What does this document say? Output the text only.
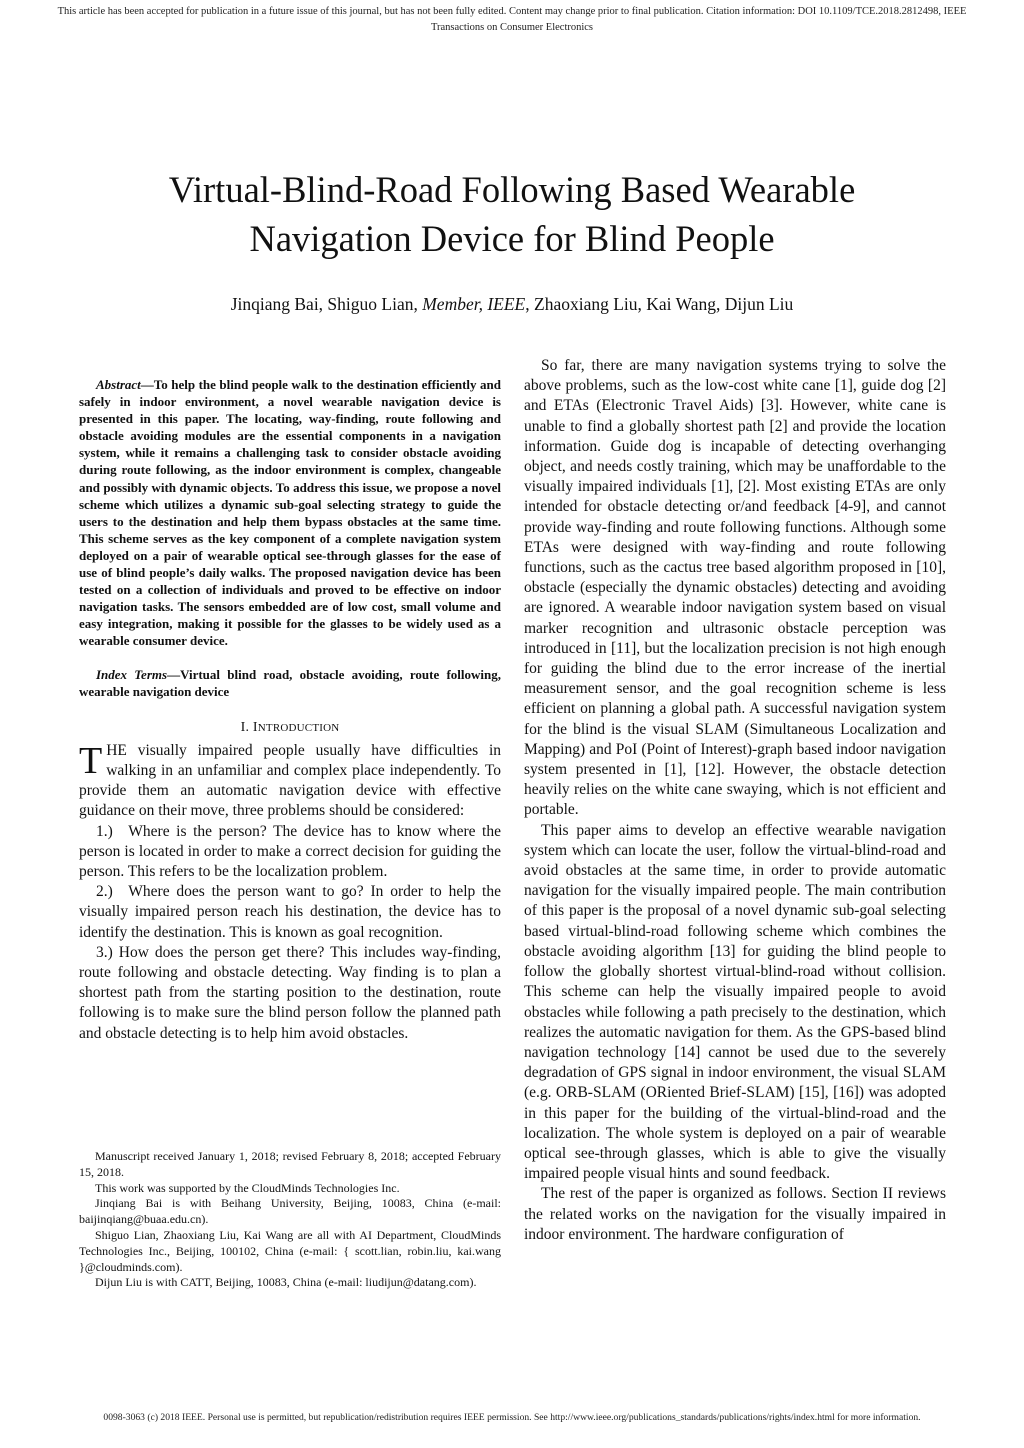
This article has been accepted for publication in a future issue of this journal, but has not been fully edited. Content may change prior to final publication. Citation information: DOI 10.1109/TCE.2018.2812498, IEEE
Transactions on Consumer Electronics
Virtual-Blind-Road Following Based Wearable
Navigation Device for Blind People
Jinqiang Bai, Shiguo Lian, Member, IEEE, Zhaoxiang Liu, Kai Wang, Dijun Liu

Abstract—To help the blind people walk to the destination efficiently and safely in indoor environment, a novel wearable navigation device is presented in this paper. The locating, way-finding, route following and obstacle avoiding modules are the essential components in a navigation system, while it remains a challenging task to consider obstacle avoiding during route following, as the indoor environment is complex, changeable and possibly with dynamic objects. To address this issue, we propose a novel scheme which utilizes a dynamic sub-goal selecting strategy to guide the users to the destination and help them bypass obstacles at the same time. This scheme serves as the key component of a complete navigation system deployed on a pair of wearable optical see-through glasses for the ease of use of blind people’s daily walks. The proposed navigation device has been tested on a collection of individuals and proved to be effective on indoor navigation tasks. The sensors embedded are of low cost, small volume and easy integration, making it possible for the glasses to be widely used as a wearable consumer device.

Index Terms—Virtual blind road, obstacle avoiding, route following, wearable navigation device

I. INTRODUCTION

THE visually impaired people usually have difficulties in walking in an unfamiliar and complex place independently. To provide them an automatic navigation device with effective guidance on their move, three problems should be considered:

1.) Where is the person? The device has to know where the person is located in order to make a correct decision for guiding the person. This refers to be the localization problem.

2.) Where does the person want to go? In order to help the visually impaired person reach his destination, the device has to identify the destination. This is known as goal recognition.

3.) How does the person get there? This includes way-finding, route following and obstacle detecting. Way finding is to plan a shortest path from the starting position to the destination, route following is to make sure the blind person follow the planned path and obstacle detecting is to help him avoid obstacles.

Manuscript received January 1, 2018; revised February 8, 2018; accepted February 15, 2018.

This work was supported by the CloudMinds Technologies Inc.

Jinqiang Bai is with Beihang University, Beijing, 10083, China (e-mail: baijinqiang@buaa.edu.cn).

Shiguo Lian, Zhaoxiang Liu, Kai Wang are all with AI Department, CloudMinds Technologies Inc., Beijing, 100102, China (e-mail: { scott.lian, robin.liu, kai.wang }@cloudminds.com).

Dijun Liu is with CATT, Beijing, 10083, China (e-mail: liudijun@datang.com).

So far, there are many navigation systems trying to solve the above problems, such as the low-cost white cane [1], guide dog [2] and ETAs (Electronic Travel Aids) [3]. However, white cane is unable to find a globally shortest path [2] and provide the location information. Guide dog is incapable of detecting overhanging object, and needs costly training, which may be unaffordable to the visually impaired individuals [1], [2]. Most existing ETAs are only intended for obstacle detecting or/and feedback [4-9], and cannot provide way-finding and route following functions. Although some ETAs were designed with way-finding and route following functions, such as the cactus tree based algorithm proposed in [10], obstacle (especially the dynamic obstacles) detecting and avoiding are ignored. A wearable indoor navigation system based on visual marker recognition and ultrasonic obstacle perception was introduced in [11], but the localization precision is not high enough for guiding the blind due to the error increase of the inertial measurement sensor, and the goal recognition scheme is less efficient on planning a global path. A successful navigation system for the blind is the visual SLAM (Simultaneous Localization and Mapping) and PoI (Point of Interest)-graph based indoor navigation system presented in [1], [12]. However, the obstacle detection heavily relies on the white cane swaying, which is not efficient and portable.

This paper aims to develop an effective wearable navigation system which can locate the user, follow the virtual-blind-road and avoid obstacles at the same time, in order to provide automatic navigation for the visually impaired people. The main contribution of this paper is the proposal of a novel dynamic sub-goal selecting based virtual-blind-road following scheme which combines the obstacle avoiding algorithm [13] for guiding the blind people to follow the globally shortest virtual-blind-road without collision. This scheme can help the visually impaired people to avoid obstacles while following a path precisely to the destination, which realizes the automatic navigation for them. As the GPS-based blind navigation technology [14] cannot be used due to the severely degradation of GPS signal in indoor environment, the visual SLAM (e.g. ORB-SLAM (ORiented Brief-SLAM) [15], [16]) was adopted in this paper for the building of the virtual-blind-road and the localization. The whole system is deployed on a pair of wearable optical see-through glasses, which is able to give the visually impaired people visual hints and sound feedback.

The rest of the paper is organized as follows. Section II reviews the related works on the navigation for the visually impaired in indoor environment. The hardware configuration of

0098-3063 (c) 2018 IEEE. Personal use is permitted, but republication/redistribution requires IEEE permission. See http://www.ieee.org/publications_standards/publications/rights/index.html for more information.
